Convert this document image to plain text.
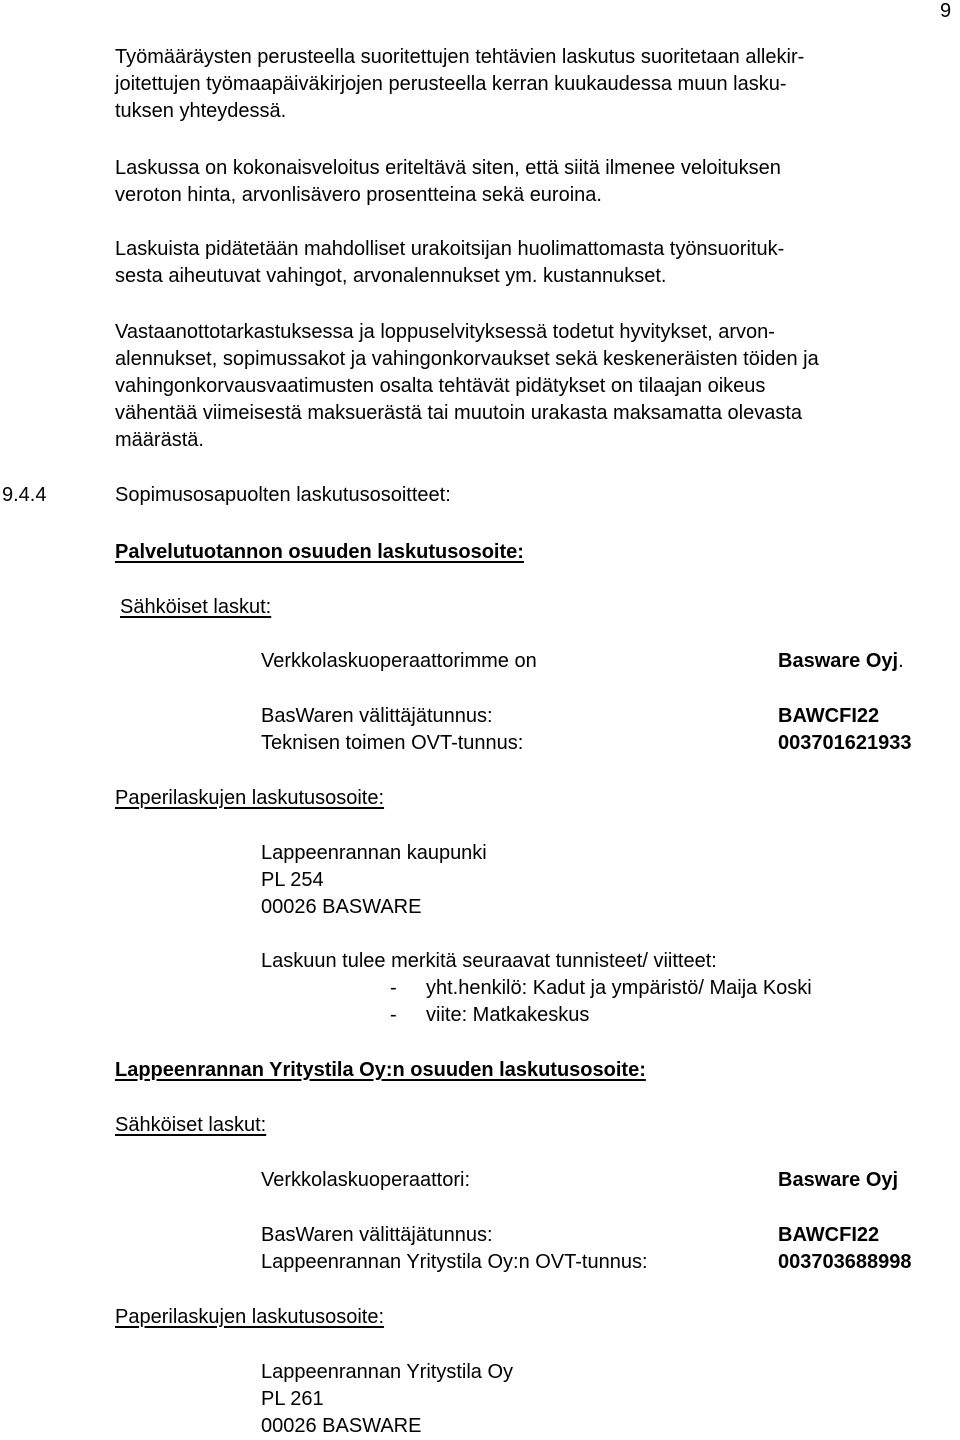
9
Työmääräysten perusteella suoritettujen tehtävien laskutus suoritetaan allekir-
joitettujen työmaapäiväkirjojen perusteella kerran kuukaudessa muun lasku-
tuksen yhteydessä.
Laskussa on kokonaisveloitus eriteltävä siten, että siitä ilmenee veloituksen
veroton hinta, arvonlisävero prosentteina sekä euroina.
Laskuista pidätetään mahdolliset urakoitsijan huolimattomasta työnsuorituk-
sesta aiheutuvat vahingot, arvonalennukset ym. kustannukset.
Vastaanottotarkastuksessa ja loppuselvityksessä todetut hyvitykset, arvon-
alennukset, sopimussakot ja vahingonkorvaukset sekä keskeneräisten töiden ja
vahingonkorvausvaatimusten osalta tehtävät pidätykset on tilaajan oikeus
vähentää viimeisestä maksuerästä tai muutoin urakasta maksamatta olevasta
määrästä.
9.4.4	Sopimusosapuolten laskutusosoitteet:
Palvelutuotannon osuuden laskutusosoite:
Sähköiset laskut:
Verkkolaskuoperaattorimme on	Basware Oyj.
BasWaren välittäjätunnus:	BAWCFI22
Teknisen toimen OVT-tunnus:	003701621933
Paperilaskujen laskutusosoite:
Lappeenrannan kaupunki
PL 254
00026 BASWARE
Laskuun tulee merkitä seuraavat tunnisteet/ viitteet:
- yht.henkilö: Kadut ja ympäristö/ Maija Koski
- viite: Matkakeskus
Lappeenrannan Yritystila Oy:n osuuden laskutusosoite:
Sähköiset laskut:
Verkkolaskuoperaattori:	Basware Oyj
BasWaren välittäjätunnus:	BAWCFI22
Lappeenrannan Yritystila Oy:n OVT-tunnus:	003703688998
Paperilaskujen laskutusosoite:
Lappeenrannan Yritystila Oy
PL 261
00026 BASWARE
